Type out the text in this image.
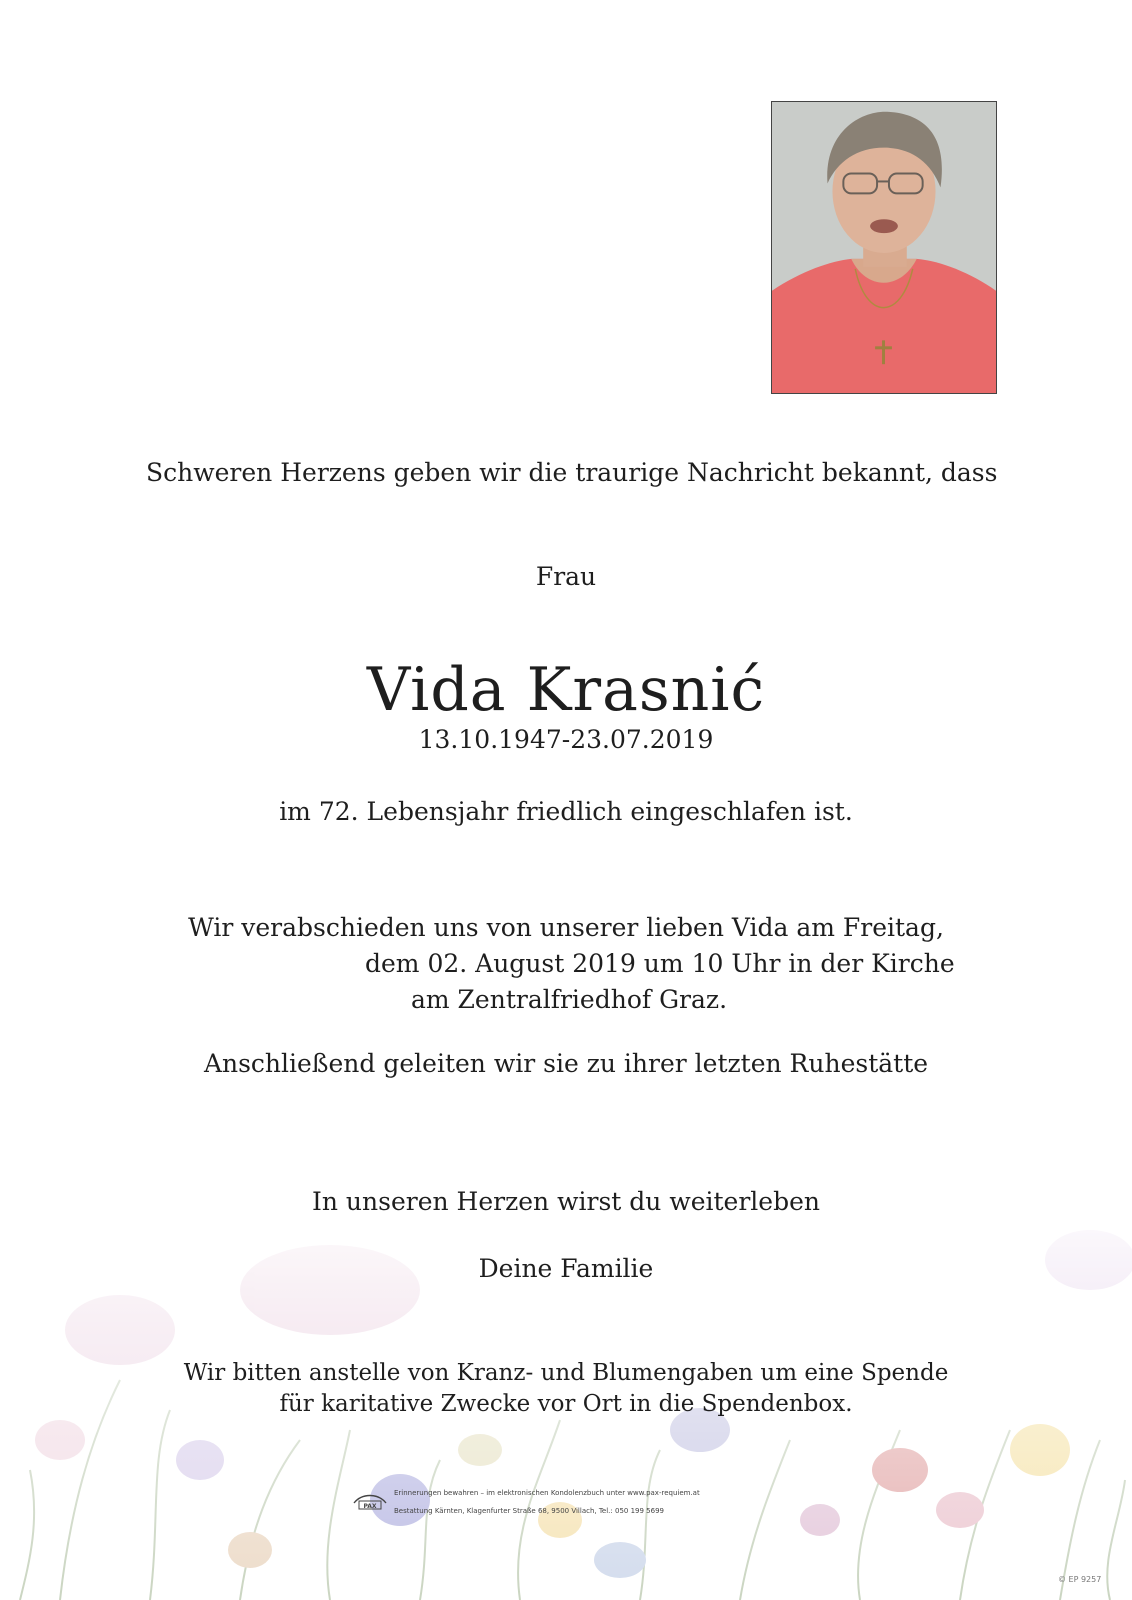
Schweren Herzens geben wir die traurige Nachricht bekannt, dass
Frau
Vida Krasnić
13.10.1947-23.07.2019
im 72. Lebensjahr friedlich eingeschlafen ist.
Wir verabschieden uns von unserer lieben Vida am Freitag,
dem 02. August 2019 um 10 Uhr in der Kirche
am Zentralfriedhof Graz.
Anschließend geleiten wir sie zu ihrer letzten Ruhestätte
In unseren Herzen wirst du weiterleben
Deine Familie
Wir bitten anstelle von Kranz- und Blumengaben um eine Spende
für karitative Zwecke vor Ort in die Spendenbox.
PAX
Erinnerungen bewahren – im elektronischen Kondolenzbuch unter www.pax-requiem.at
Bestattung Kärnten, Klagenfurter Straße 68, 9500 Villach, Tel.: 050 199 5699
© EP 9257
